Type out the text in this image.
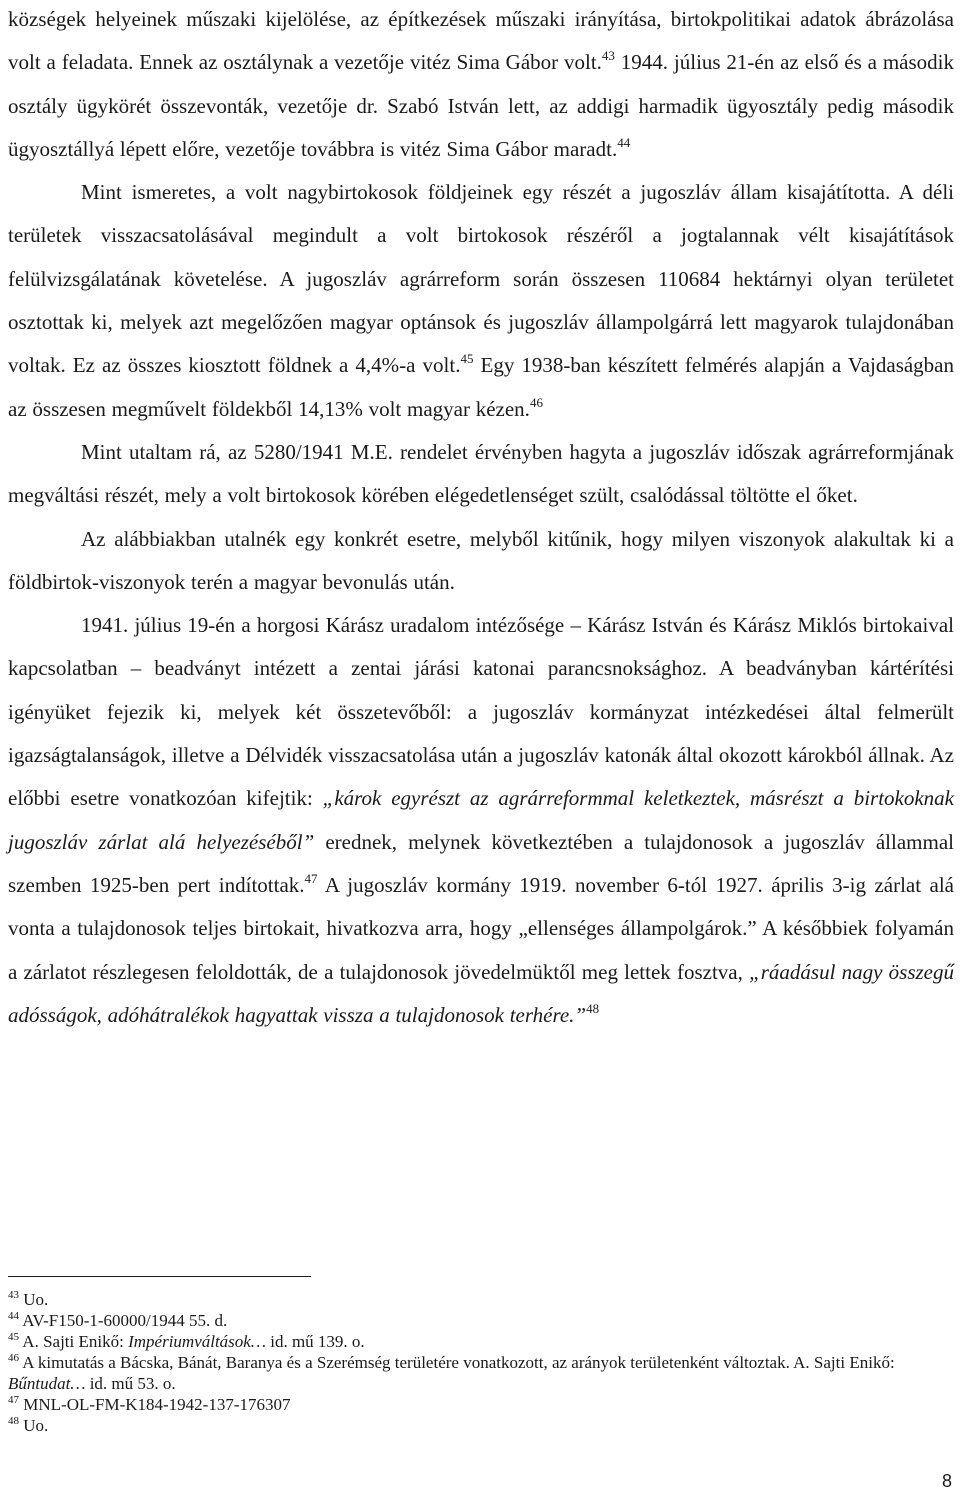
községek helyeinek műszaki kijelölése, az építkezések műszaki irányítása, birtokpolitikai adatok ábrázolása volt a feladata. Ennek az osztálynak a vezetője vitéz Sima Gábor volt.$^{43}$ 1944. július 21-én az első és a második osztály ügykörét összevonták, vezetője dr. Szabó István lett, az addigi harmadik ügyosztály pedig második ügyosztállyá lépett előre, vezetője továbbra is vitéz Sima Gábor maradt.$^{44}$

Mint ismeretes, a volt nagybirtokosok földjeinek egy részét a jugoszláv állam kisajátította. A déli területek visszacsatolásával megindult a volt birtokosok részéről a jogtalannak vélt kisajátítások felülvizsgálatának követelése. A jugoszláv agrárreform során összesen 110684 hektárnyi olyan területet osztottak ki, melyek azt megelőzően magyar optánsok és jugoszláv állampolgárrá lett magyarok tulajdonában voltak. Ez az összes kiosztott földnek a 4,4%-a volt.$^{45}$ Egy 1938-ban készített felmérés alapján a Vajdaságban az összesen megművelt földekből 14,13% volt magyar kézen.$^{46}$

Mint utaltam rá, az 5280/1941 M.E. rendelet érvényben hagyta a jugoszláv időszak agrárreformjának megváltási részét, mely a volt birtokosok körében elégedetlenséget szült, csalódással töltötte el őket.

Az alábbiakban utalnék egy konkrét esetre, melyből kitűnik, hogy milyen viszonyok alakultak ki a földbirtok-viszonyok terén a magyar bevonulás után.

1941. július 19-én a horgosi Kárász uradalom intézősége – Kárász István és Kárász Miklós birtokaival kapcsolatban – beadványt intézett a zentai járási katonai parancsnoksághoz. A beadványban kártérítési igényüket fejezik ki, melyek két összetevőből: a jugoszláv kormányzat intézkedései által felmerült igazságtalanságok, illetve a Délvidék visszacsatolása után a jugoszláv katonák által okozott károkból állnak. Az előbbi esetre vonatkozóan kifejtik: „károk egyrészt az agrárreformmal keletkeztek, másrészt a birtokoknak jugoszláv zárlat alá helyezéséből” erednek, melynek következtében a tulajdonosok a jugoszláv állammal szemben 1925-ben pert indítottak.$^{47}$ A jugoszláv kormány 1919. november 6-tól 1927. április 3-ig zárlat alá vonta a tulajdonosok teljes birtokait, hivatkozva arra, hogy „ellenséges állampolgárok.” A későbbiek folyamán a zárlatot részlegesen feloldották, de a tulajdonosok jövedelmüktől meg lettek fosztva, „ráadásul nagy összegű adósságok, adóhátralékok hagyattak vissza a tulajdonosok terhére.”$^{48}$

$^{43}$ Uo.

$^{44}$ AV-F150-1-60000/1944 55. d.

$^{45}$ A. Sajti Enikő: Impériumváltások… id. mű 139. o.

$^{46}$ A kimutatás a Bácska, Bánát, Baranya és a Szerémség területére vonatkozott, az arányok területenként változtak. A. Sajti Enikő: Bűntudat… id. mű 53. o.

$^{47}$ MNL-OL-FM-K184-1942-137-176307

$^{48}$ Uo.

8
